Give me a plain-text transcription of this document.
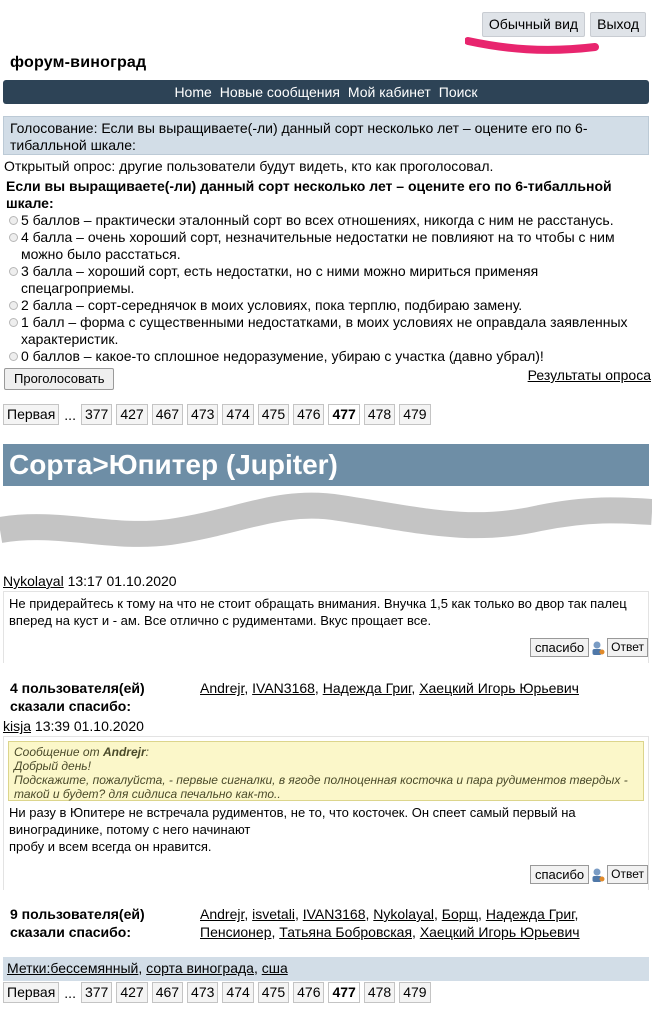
Обычный вид	Выход
форум-виноград
Home Новые сообщения Мой кабинет Поиск
Голосование: Если вы выращиваете(-ли) данный сорт несколько лет – оцените его по 6-тибалльной шкале:
Открытый опрос: другие пользователи будут видеть, кто как проголосовал.
Если вы выращиваете(-ли) данный сорт несколько лет – оцените его по 6-тибалльной шкале:
5 баллов – практически эталонный сорт во всех отношениях, никогда с ним не расстанусь.
4 балла – очень хороший сорт, незначительные недостатки не повлияют на то чтобы с ним можно было расстаться.
3 балла – хороший сорт, есть недостатки, но с ними можно мириться применяя спецагроприемы.
2 балла – сорт-середнячок в моих условиях, пока терплю, подбираю замену.
1 балл – форма с существенными недостатками, в моих условиях не оправдала заявленных характеристик.
0 баллов – какое-то сплошное недоразумение, убираю с участка (давно убрал)!
Проголосовать	Результаты опроса
Первая ... 377 427 467 473 474 475 476 477 478 479
Сорта>Юпитер (Jupiter)
Nykolayal 13:17 01.10.2020
Не придерайтесь к тому на что не стоит обращать внимания. Внучка 1,5 как только во двор так палец вперед на куст и - ам. Все отлично с рудиментами. Вкус прощает все.
спасибо	Ответ
4 пользователя(ей) сказали спасибо:
Andrejr, IVAN3168, Надежда Григ, Хаецкий Игорь Юрьевич
kisja 13:39 01.10.2020
Сообщение от Andrejr:
Добрый день!
Подскажите, пожалуйста, - первые сигналки, в ягоде полноценная косточка и пара рудиментов твердых - такой и будет? для сидлиса печально как-то..
Ни разу в Юпитере не встречала рудиментов, не то, что косточек. Он спеет самый первый на виноградинике, потому с него начинают
пробу и всем всегда он нравится.
спасибо	Ответ
9 пользователя(ей) сказали спасибо:
Andrejr, isvetali, IVAN3168, Nykolayal, Борщ, Надежда Григ, Пенсионер, Татьяна Бобровская, Хаецкий Игорь Юрьевич
Метки:бессемянный, сорта винограда, сша
Первая ... 377 427 467 473 474 475 476 477 478 479
